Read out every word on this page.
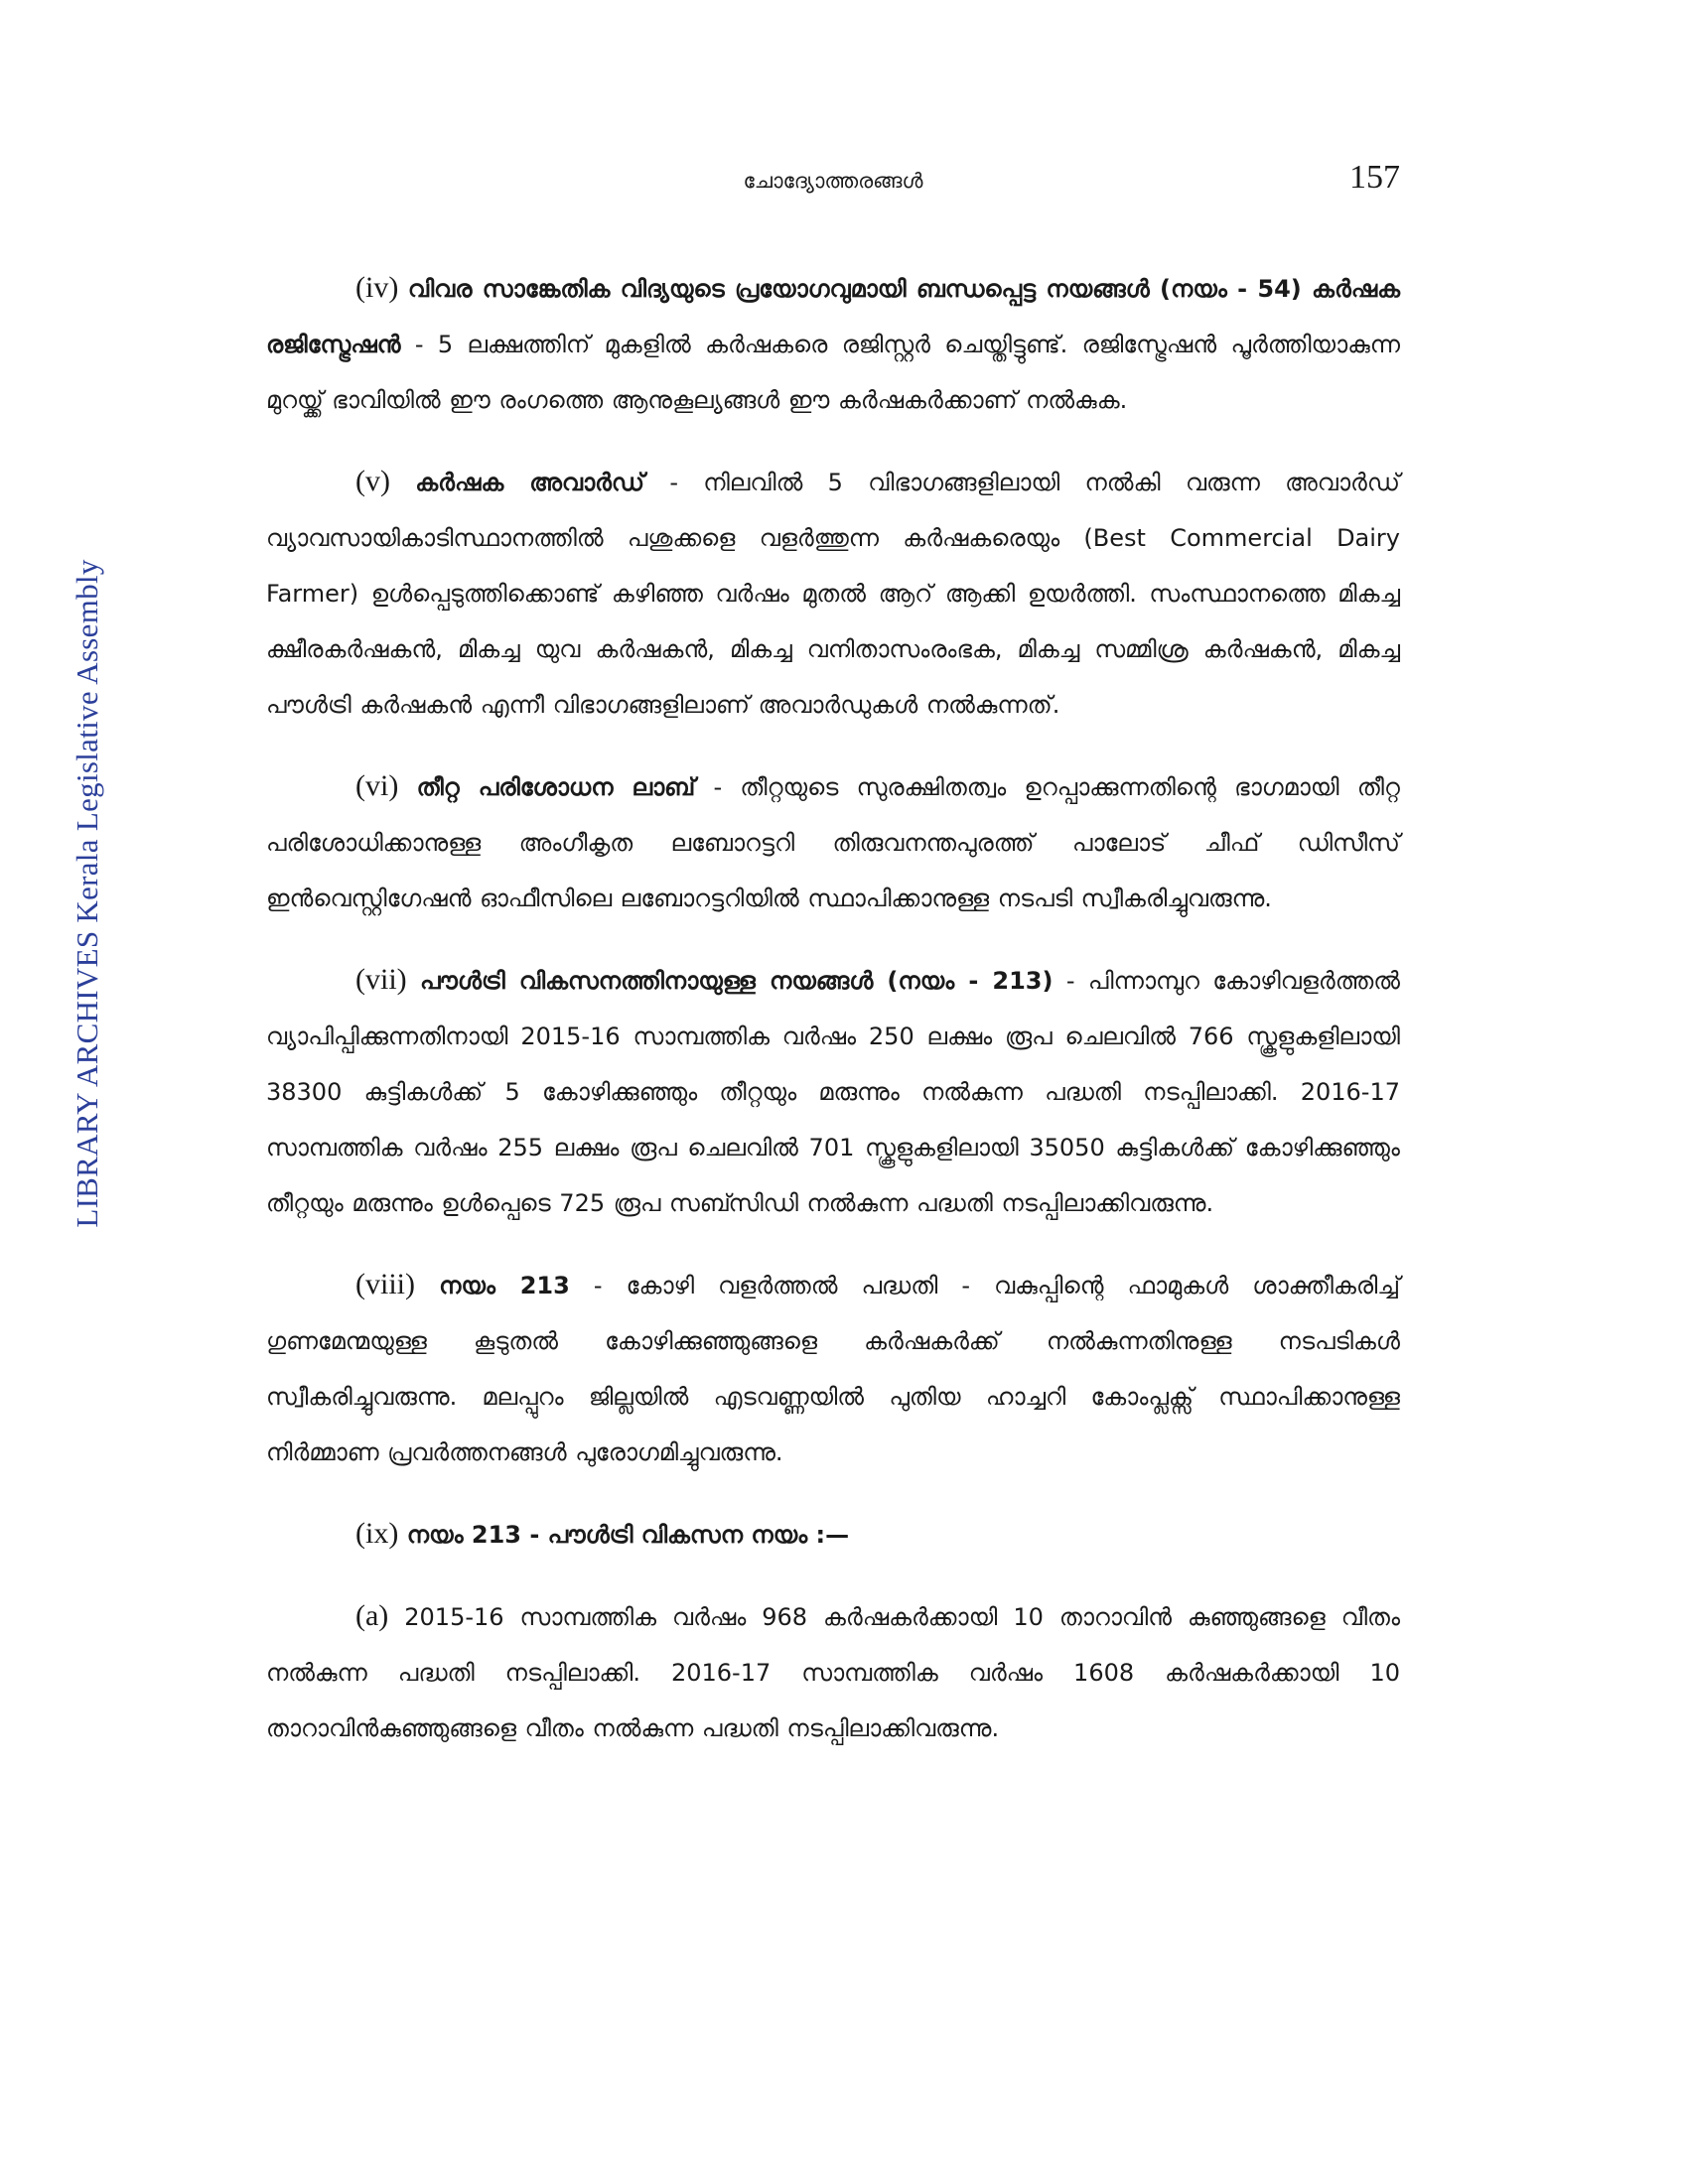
LIBRARY ARCHIVES Kerala Legislative Assembly
ചോദ്യോത്തരങ്ങൾ	157

(iv) വിവര സാങ്കേതിക വിദ്യയുടെ പ്രയോഗവുമായി ബന്ധപ്പെട്ട നയങ്ങൾ (നയം - 54) കർഷക രജിസ്ട്രേഷൻ - 5 ലക്ഷത്തിന് മുകളിൽ കർഷകരെ രജിസ്റ്റർ ചെയ്തിട്ടുണ്ട്. രജിസ്ട്രേഷൻ പൂർത്തിയാകുന്ന മുറയ്ക്ക് ഭാവിയിൽ ഈ രംഗത്തെ ആനുകൂല്യങ്ങൾ ഈ കർഷകർക്കാണ് നൽകുക.

(v) കർഷക അവാർഡ് - നിലവിൽ 5 വിഭാഗങ്ങളിലായി നൽകി വരുന്ന അവാർഡ് വ്യാവസായികാടിസ്ഥാനത്തിൽ പശുക്കളെ വളർത്തുന്ന കർഷകരെയും (Best Commercial Dairy Farmer) ഉൾപ്പെടുത്തിക്കൊണ്ട് കഴിഞ്ഞ വർഷം മുതൽ ആറ് ആക്കി ഉയർത്തി. സംസ്ഥാനത്തെ മികച്ച ക്ഷീരകർഷകൻ, മികച്ച യുവ കർഷകൻ, മികച്ച വനിതാസംരംഭക, മികച്ച സമ്മിശ്ര കർഷകൻ, മികച്ച പൗൾട്രി കർഷകൻ എന്നീ വിഭാഗങ്ങളിലാണ് അവാർഡുകൾ നൽകുന്നത്.

(vi) തീറ്റ പരിശോധന ലാബ് - തീറ്റയുടെ സുരക്ഷിതത്വം ഉറപ്പാക്കുന്നതിന്റെ ഭാഗമായി തീറ്റ പരിശോധിക്കാനുള്ള അംഗീകൃത ലബോറട്ടറി തിരുവനന്തപുരത്ത് പാലോട് ചീഫ് ഡിസീസ് ഇൻവെസ്റ്റിഗേഷൻ ഓഫീസിലെ ലബോറട്ടറിയിൽ സ്ഥാപിക്കാനുള്ള നടപടി സ്വീകരിച്ചുവരുന്നു.

(vii) പൗൾട്രി വികസനത്തിനായുള്ള നയങ്ങൾ (നയം - 213) - പിന്നാമ്പുറ കോഴിവളർത്തൽ വ്യാപിപ്പിക്കുന്നതിനായി 2015-16 സാമ്പത്തിക വർഷം 250 ലക്ഷം രൂപ ചെലവിൽ 766 സ്കൂളുകളിലായി 38300 കുട്ടികൾക്ക് 5 കോഴിക്കുഞ്ഞും തീറ്റയും മരുന്നും നൽകുന്ന പദ്ധതി നടപ്പിലാക്കി. 2016-17 സാമ്പത്തിക വർഷം 255 ലക്ഷം രൂപ ചെലവിൽ 701 സ്കൂളുകളിലായി 35050 കുട്ടികൾക്ക് കോഴിക്കുഞ്ഞും തീറ്റയും മരുന്നും ഉൾപ്പെടെ 725 രൂപ സബ്സിഡി നൽകുന്ന പദ്ധതി നടപ്പിലാക്കിവരുന്നു.

(viii) നയം 213 - കോഴി വളർത്തൽ പദ്ധതി - വകുപ്പിന്റെ ഫാമുകൾ ശാക്തീകരിച്ച് ഗുണമേന്മയുള്ള കൂടുതൽ കോഴിക്കുഞ്ഞുങ്ങളെ കർഷകർക്ക് നൽകുന്നതിനുള്ള നടപടികൾ സ്വീകരിച്ചുവരുന്നു. മലപ്പുറം ജില്ലയിൽ എടവണ്ണയിൽ പുതിയ ഹാച്ചറി കോംപ്ലക്സ് സ്ഥാപിക്കാനുള്ള നിർമ്മാണ പ്രവർത്തനങ്ങൾ പുരോഗമിച്ചുവരുന്നു.

(ix) നയം 213 - പൗൾട്രി വികസന നയം :—

(a) 2015-16 സാമ്പത്തിക വർഷം 968 കർഷകർക്കായി 10 താറാവിൻ കുഞ്ഞുങ്ങളെ വീതം നൽകുന്ന പദ്ധതി നടപ്പിലാക്കി. 2016-17 സാമ്പത്തിക വർഷം 1608 കർഷകർക്കായി 10 താറാവിൻകുഞ്ഞുങ്ങളെ വീതം നൽകുന്ന പദ്ധതി നടപ്പിലാക്കിവരുന്നു.
